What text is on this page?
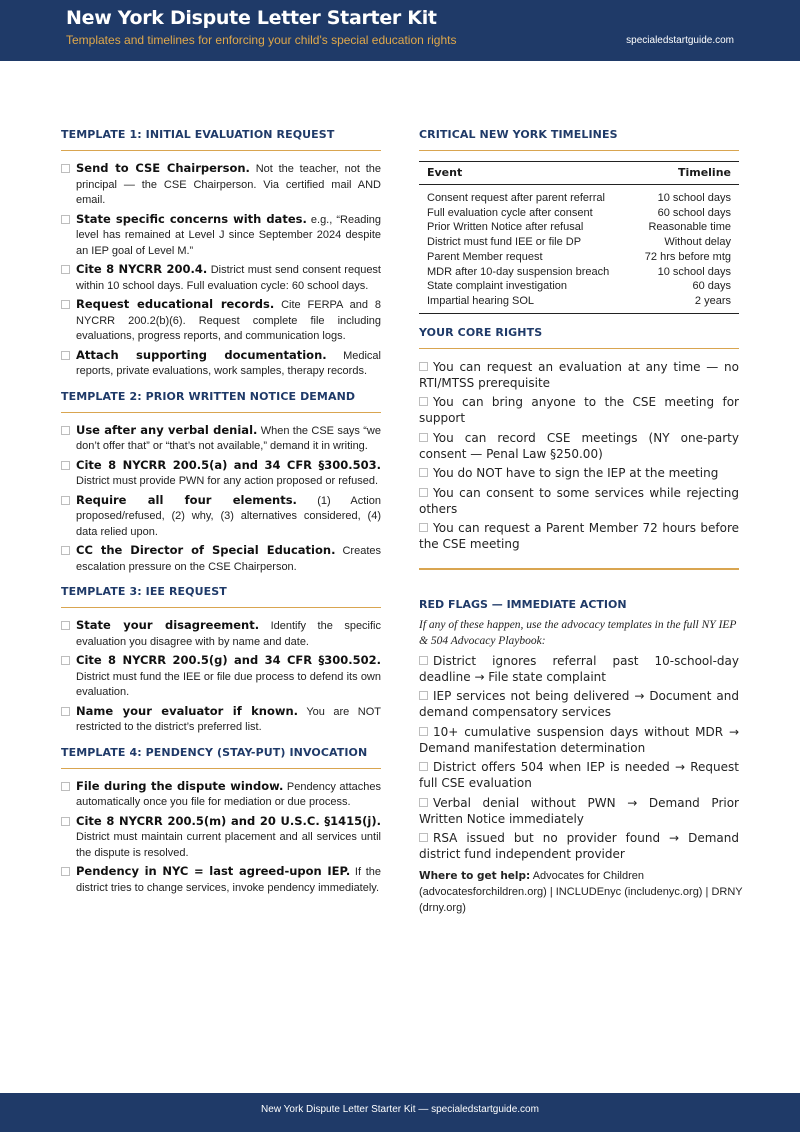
New York Dispute Letter Starter Kit
Templates and timelines for enforcing your child's special education rights	specialedstartguide.com
TEMPLATE 1: INITIAL EVALUATION REQUEST
Send to CSE Chairperson. Not the teacher, not the principal — the CSE Chairperson. Via certified mail AND email.
State specific concerns with dates. e.g., “Reading level has remained at Level J since September 2024 despite an IEP goal of Level M.”
Cite 8 NYCRR 200.4. District must send consent request within 10 school days. Full evaluation cycle: 60 school days.
Request educational records. Cite FERPA and 8 NYCRR 200.2(b)(6). Request complete file including evaluations, progress reports, and communication logs.
Attach supporting documentation. Medical reports, private evaluations, work samples, therapy records.
TEMPLATE 2: PRIOR WRITTEN NOTICE DEMAND
Use after any verbal denial. When the CSE says “we don’t offer that” or “that’s not available,” demand it in writing.
Cite 8 NYCRR 200.5(a) and 34 CFR §300.503. District must provide PWN for any action proposed or refused.
Require all four elements. (1) Action proposed/refused, (2) why, (3) alternatives considered, (4) data relied upon.
CC the Director of Special Education. Creates escalation pressure on the CSE Chairperson.
TEMPLATE 3: IEE REQUEST
State your disagreement. Identify the specific evaluation you disagree with by name and date.
Cite 8 NYCRR 200.5(g) and 34 CFR §300.502. District must fund the IEE or file due process to defend its own evaluation.
Name your evaluator if known. You are NOT restricted to the district’s preferred list.
TEMPLATE 4: PENDENCY (STAY-PUT) INVOCATION
File during the dispute window. Pendency attaches automatically once you file for mediation or due process.
Cite 8 NYCRR 200.5(m) and 20 U.S.C. §1415(j). District must maintain current placement and all services until the dispute is resolved.
Pendency in NYC = last agreed-upon IEP. If the district tries to change services, invoke pendency immediately.
CRITICAL NEW YORK TIMELINES
Event	Timeline
Consent request after parent referral	10 school days
Full evaluation cycle after consent	60 school days
Prior Written Notice after refusal	Reasonable time
District must fund IEE or file DP	Without delay
Parent Member request	72 hrs before mtg
MDR after 10-day suspension breach	10 school days
State complaint investigation	60 days
Impartial hearing SOL	2 years
YOUR CORE RIGHTS
You can request an evaluation at any time — no RTI/MTSS prerequisite
You can bring anyone to the CSE meeting for support
You can record CSE meetings (NY one-party consent — Penal Law §250.00)
You do NOT have to sign the IEP at the meeting
You can consent to some services while rejecting others
You can request a Parent Member 72 hours before the CSE meeting
RED FLAGS — IMMEDIATE ACTION
If any of these happen, use the advocacy templates in the full NY IEP & 504 Advocacy Playbook:
District ignores referral past 10-school-day deadline → File state complaint
IEP services not being delivered → Document and demand compensatory services
10+ cumulative suspension days without MDR → Demand manifestation determination
District offers 504 when IEP is needed → Request full CSE evaluation
Verbal denial without PWN → Demand Prior Written Notice immediately
RSA issued but no provider found → Demand district fund independent provider
Where to get help: Advocates for Children (advocatesforchildren.org) | INCLUDEnyc (includenyc.org) | DRNY (drny.org)
New York Dispute Letter Starter Kit — specialedstartguide.com
